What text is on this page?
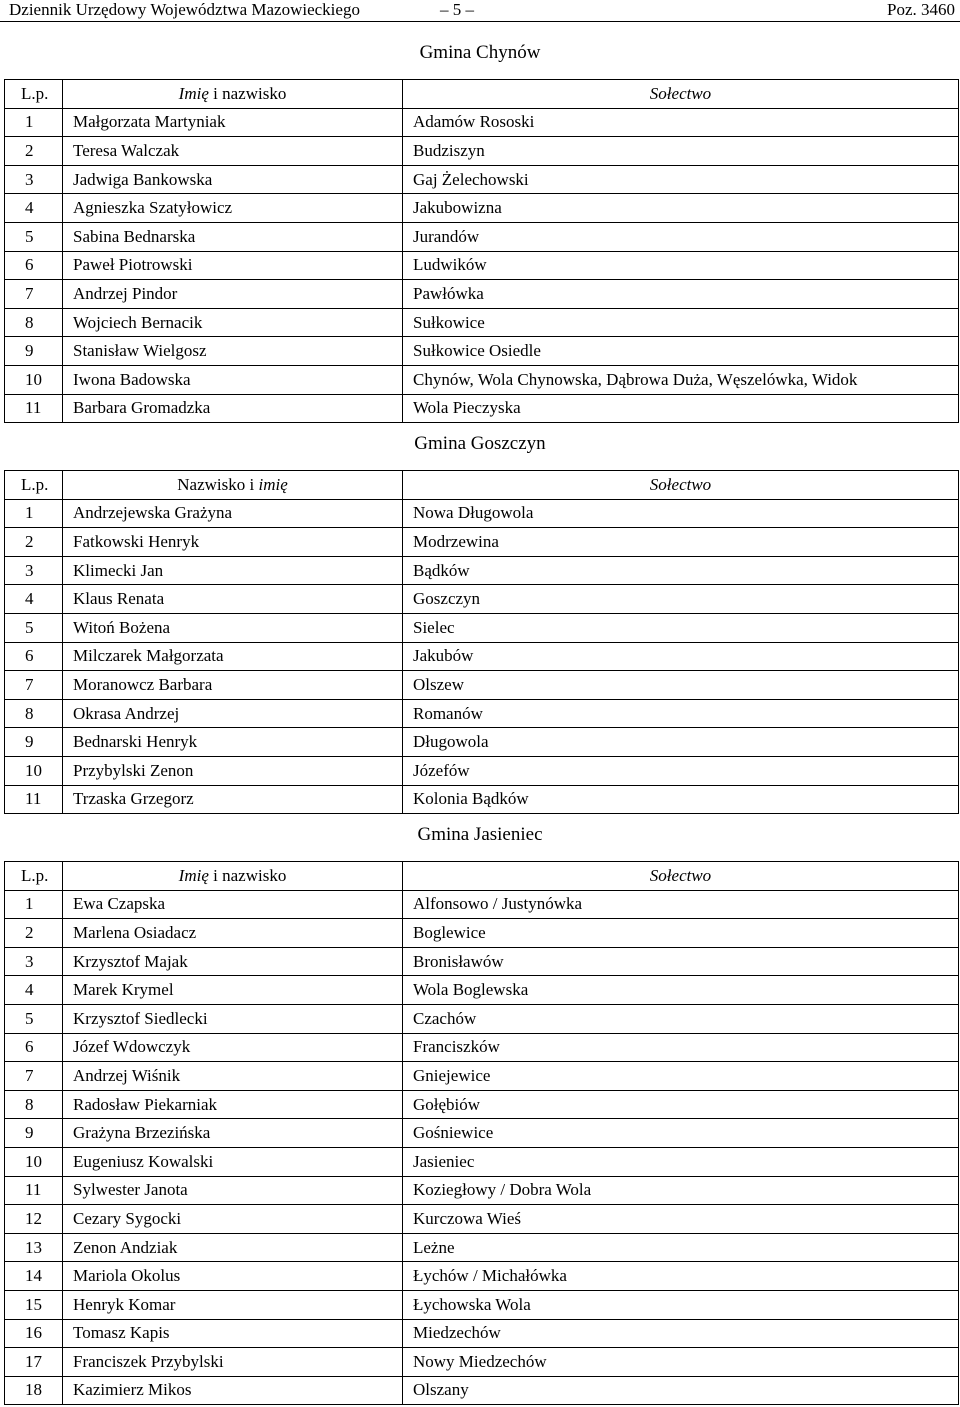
Dziennik Urzędowy Województwa Mazowieckiego	– 5 –	Poz. 3460
Gmina Chynów
L.p.	Imię i nazwisko	Sołectwo
1	Małgorzata Martyniak	Adamów Rososki
2	Teresa Walczak	Budziszyn
3	Jadwiga Bankowska	Gaj Żelechowski
4	Agnieszka Szatyłowicz	Jakubowizna
5	Sabina Bednarska	Jurandów
6	Paweł Piotrowski	Ludwików
7	Andrzej Pindor	Pawłówka
8	Wojciech Bernacik	Sułkowice
9	Stanisław Wielgosz	Sułkowice Osiedle
10	Iwona Badowska	Chynów, Wola Chynowska, Dąbrowa Duża, Węszelówka, Widok
11	Barbara Gromadzka	Wola Pieczyska
Gmina Goszczyn
L.p.	Nazwisko i imię	Sołectwo
1	Andrzejewska Grażyna	Nowa Długowola
2	Fatkowski Henryk	Modrzewina
3	Klimecki Jan	Bądków
4	Klaus Renata	Goszczyn
5	Witoń Bożena	Sielec
6	Milczarek Małgorzata	Jakubów
7	Moranowcz Barbara	Olszew
8	Okrasa Andrzej	Romanów
9	Bednarski Henryk	Długowola
10	Przybylski Zenon	Józefów
11	Trzaska Grzegorz	Kolonia Bądków
Gmina Jasieniec
L.p.	Imię i nazwisko	Sołectwo
1	Ewa Czapska	Alfonsowo / Justynówka
2	Marlena Osiadacz	Boglewice
3	Krzysztof Majak	Bronisławów
4	Marek Krymel	Wola Boglewska
5	Krzysztof Siedlecki	Czachów
6	Józef Wdowczyk	Franciszków
7	Andrzej Wiśnik	Gniejewice
8	Radosław Piekarniak	Gołębiów
9	Grażyna Brzezińska	Gośniewice
10	Eugeniusz Kowalski	Jasieniec
11	Sylwester Janota	Koziegłowy / Dobra Wola
12	Cezary Sygocki	Kurczowa Wieś
13	Zenon Andziak	Leżne
14	Mariola Okolus	Łychów / Michałówka
15	Henryk Komar	Łychowska Wola
16	Tomasz Kapis	Miedzechów
17	Franciszek Przybylski	Nowy Miedzechów
18	Kazimierz Mikos	Olszany
